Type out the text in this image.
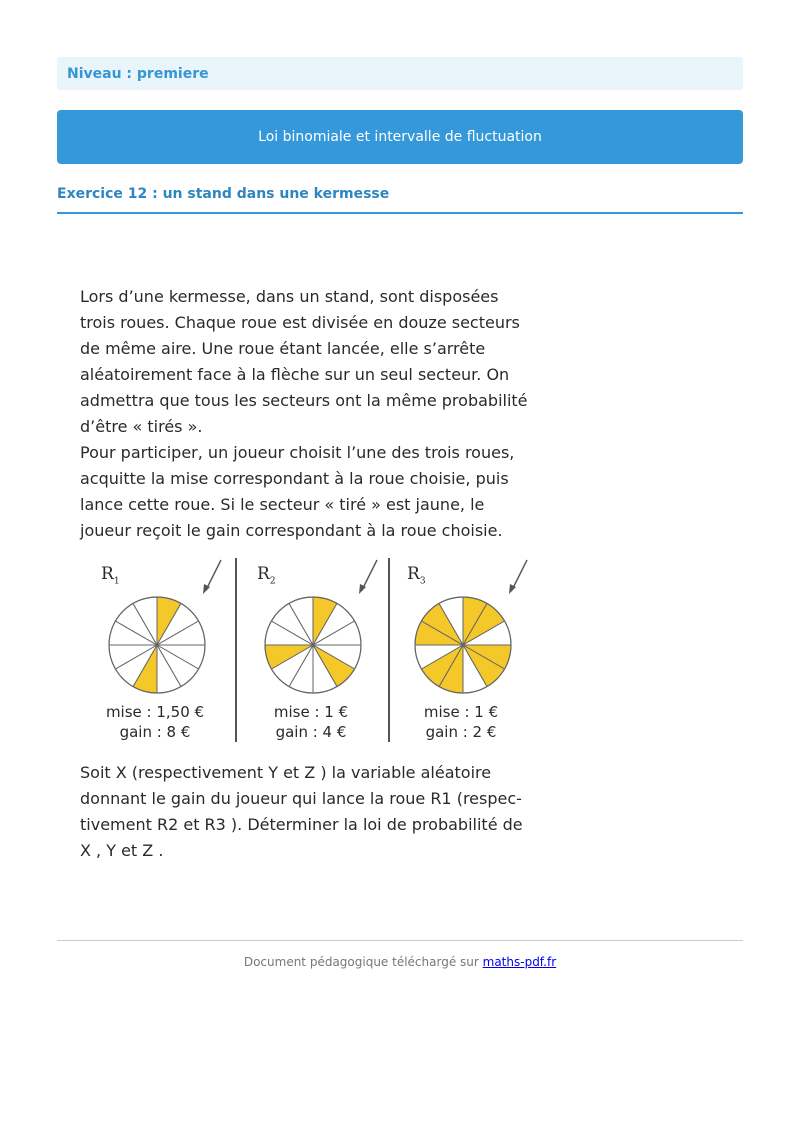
Niveau : premiere
Loi binomiale et intervalle de fluctuation
Exercice 12 : un stand dans une kermesse

Lors d’une kermesse, dans un stand, sont disposées

trois roues. Chaque roue est divisée en douze secteurs

de même aire. Une roue étant lancée, elle s’arrête

aléatoirement face à la flèche sur un seul secteur. On

admettra que tous les secteurs ont la même probabilité

d’être « tirés ».

Pour participer, un joueur choisit l’une des trois roues,

acquitte la mise correspondant à la roue choisie, puis

lance cette roue. Si le secteur « tiré » est jaune, le

joueur reçoit le gain correspondant à la roue choisie.

$R_1$
mise : 1,50 €
gain : 8 €
$R_2$
mise : 1 €
gain : 4 €
$R_3$
mise : 1 €
gain : 2 €

Soit X (respectivement Y et Z ) la variable aléatoire

donnant le gain du joueur qui lance la roue R1 (respec-

tivement R2 et R3 ). Déterminer la loi de probabilité de

X , Y et Z .

Document pédagogique téléchargé sur maths-pdf.fr
